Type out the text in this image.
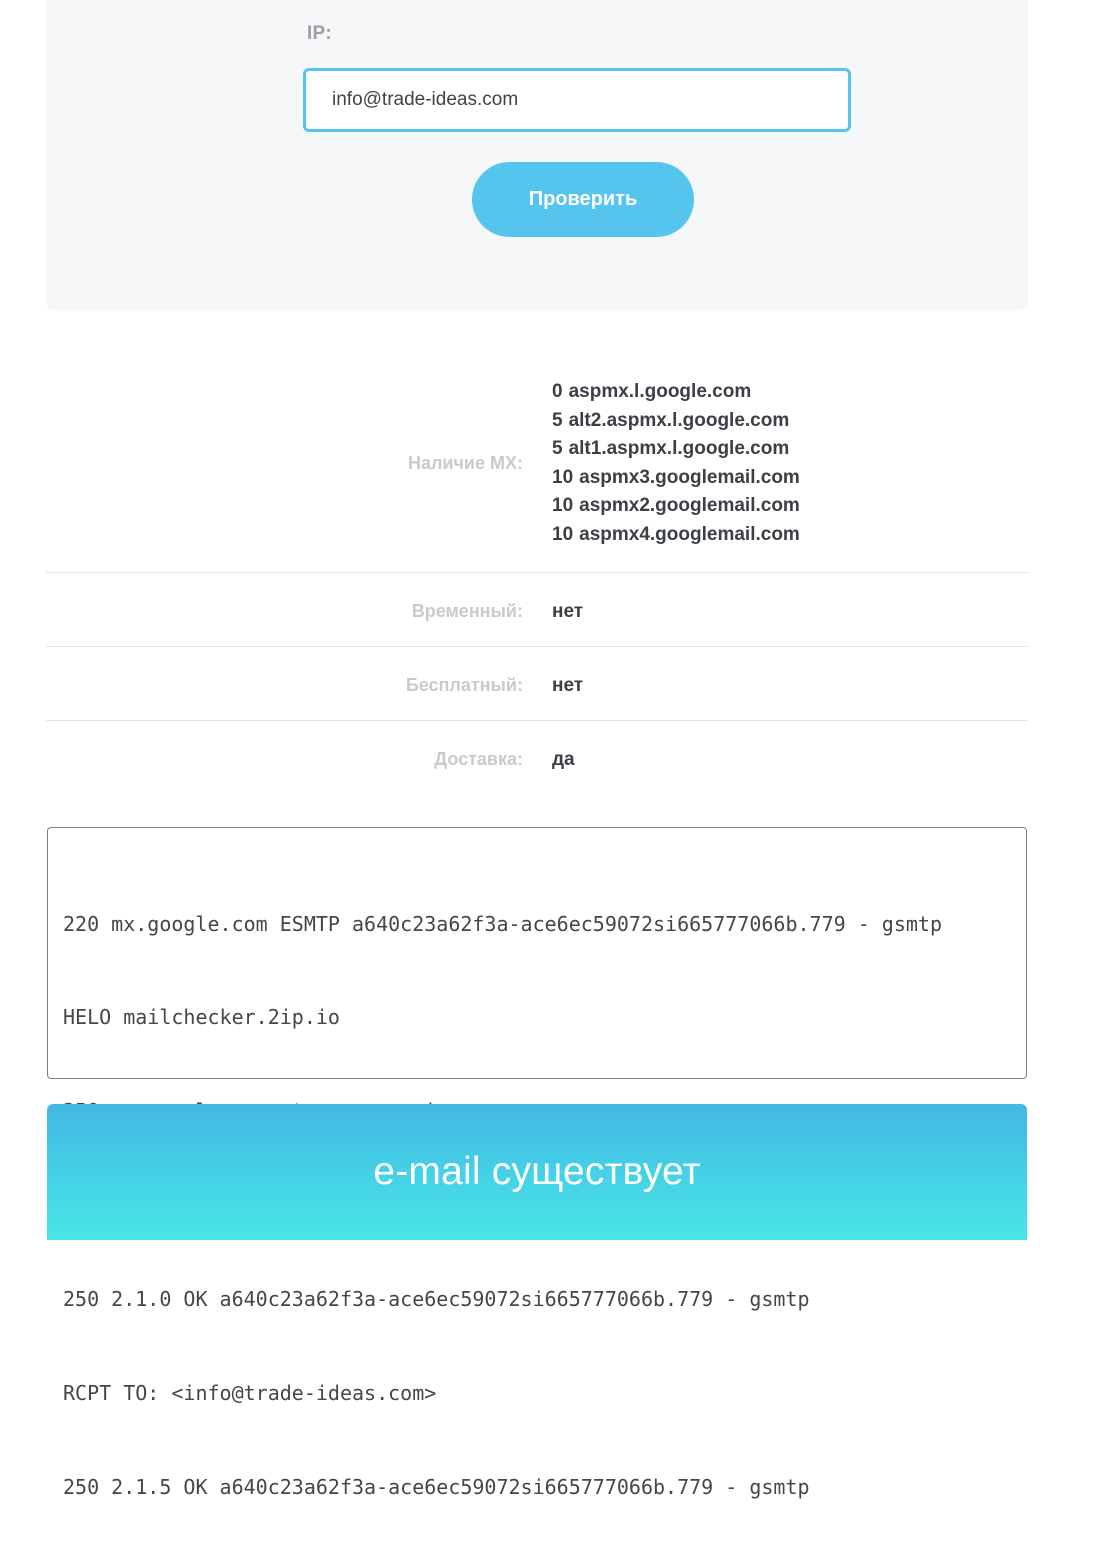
IP:
info@trade-ideas.com
Проверить
Наличие MX:
0 aspmx.l.google.com
5 alt2.aspmx.l.google.com
5 alt1.aspmx.l.google.com
10 aspmx3.googlemail.com
10 aspmx2.googlemail.com
10 aspmx4.googlemail.com
Временный: нет
Бесплатный: нет
Доставка: да

220 mx.google.com ESMTP a640c23a62f3a-ace6ec59072si665777066b.779 - gsmtp

HELO mailchecker.2ip.io

250 2.1.0 OK a640c23a62f3a-ace6ec59072si665777066b.779 - gsmtp

RCPT TO: <info@trade-ideas.com>

250 2.1.5 OK a640c23a62f3a-ace6ec59072si665777066b.779 - gsmtp

e-mail существует
